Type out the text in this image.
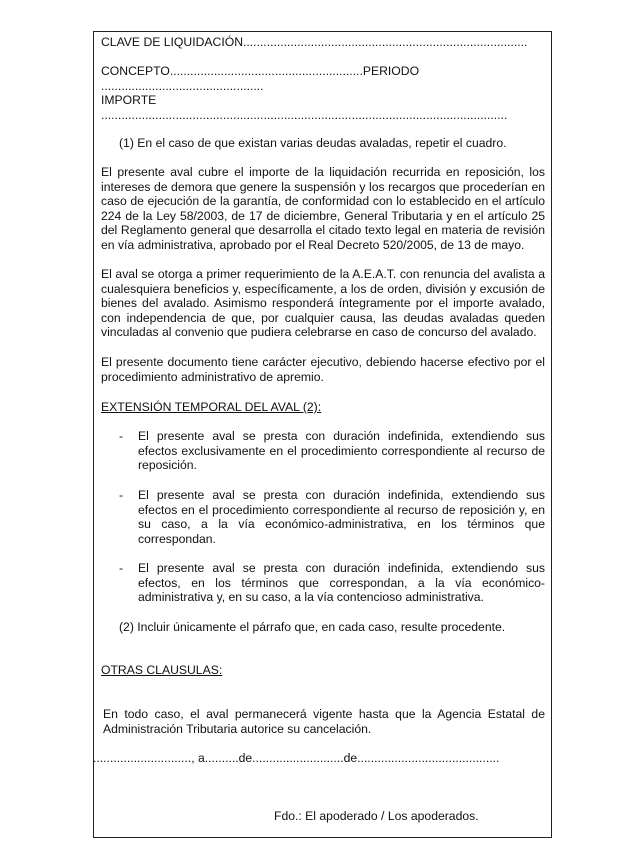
CLAVE DE LIQUIDACIÓN....................................................................................
CONCEPTO.........................................................PERIODO
................................................
IMPORTE
........................................................................................................................
(1) En el caso de que existan varias deudas avaladas, repetir el cuadro.
El presente aval cubre el importe de la liquidación recurrida en reposición, los intereses de demora que genere la suspensión y los recargos que procederían en caso de ejecución de la garantía, de conformidad con lo establecido en el artículo 224 de la Ley 58/2003, de 17 de diciembre, General Tributaria y en el artículo 25 del Reglamento general que desarrolla el citado texto legal en materia de revisión en vía administrativa, aprobado por el Real Decreto 520/2005, de 13 de mayo.
El aval se otorga a primer requerimiento de la A.E.A.T. con renuncia del avalista a cualesquiera beneficios y, específicamente, a los de orden, división y excusión de bienes del avalado. Asimismo responderá íntegramente por el importe avalado, con independencia de que, por cualquier causa, las deudas avaladas queden vinculadas al convenio que pudiera celebrarse en caso de concurso del avalado.
El presente documento tiene carácter ejecutivo, debiendo hacerse efectivo por el procedimiento administrativo de apremio.
EXTENSIÓN TEMPORAL DEL AVAL (2):
- El presente aval se presta con duración indefinida, extendiendo sus efectos exclusivamente en el procedimiento correspondiente al recurso de reposición.
- El presente aval se presta con duración indefinida, extendiendo sus efectos en el procedimiento correspondiente al recurso de reposición y, en su caso, a la vía económico-administrativa, en los términos que correspondan.
- El presente aval se presta con duración indefinida, extendiendo sus efectos, en los términos que correspondan, a la vía económico-administrativa y, en su caso, a la vía contencioso administrativa.
(2) Incluir únicamente el párrafo que, en cada caso, resulte procedente.
OTRAS CLAUSULAS:
En todo caso, el aval permanecerá vigente hasta que la Agencia Estatal de Administración Tributaria autorice su cancelación.
............................., a..........de...........................de..........................................
Fdo.: El apoderado / Los apoderados.
